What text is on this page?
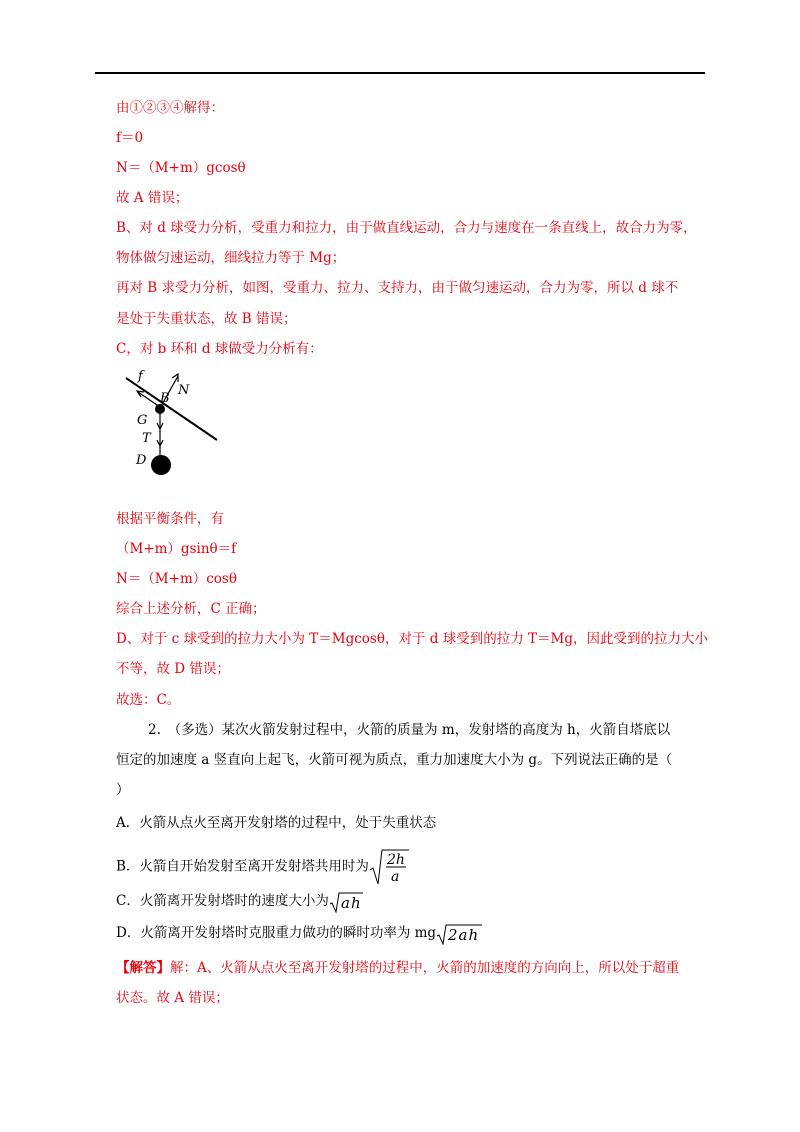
由①②③④解得：
f＝0
N＝（M+m）gcosθ
故 A 错误；
B、对 d 球受力分析，受重力和拉力，由于做直线运动，合力与速度在一条直线上，故合力为零，
物体做匀速运动，细线拉力等于 Mg；
再对 B 求受力分析，如图，受重力、拉力、支持力，由于做匀速运动，合力为零，所以 d 球不
是处于失重状态，故 B 错误；
C，对 b 环和 d 球做受力分析有：
f
N
B
G
T
D
根据平衡条件，有
（M+m）gsinθ＝f
N＝（M+m）cosθ
综合上述分析，C 正确；
D、对于 c 球受到的拉力大小为 T＝Mgcosθ，对于 d 球受到的拉力 T＝Mg，因此受到的拉力大小
不等，故 D 错误；
故选：C。
2.　（多选）某次火箭发射过程中，火箭的质量为 m，发射塔的高度为 h，火箭自塔底以
恒定的加速度 a 竖直向上起飞，火箭可视为质点，重力加速度大小为 g。下列说法正确的是（
）
A．火箭从点火至离开发射塔的过程中，处于失重状态
B．火箭自开始发射至离开发射塔共用时为 2h
a
C．火箭离开发射塔时的速度大小为 ah
D．火箭离开发射塔时克服重力做功的瞬时功率为 mg 2ah
【解答】解：A、火箭从点火至离开发射塔的过程中，火箭的加速度的方向向上，所以处于超重
状态。故 A 错误；
